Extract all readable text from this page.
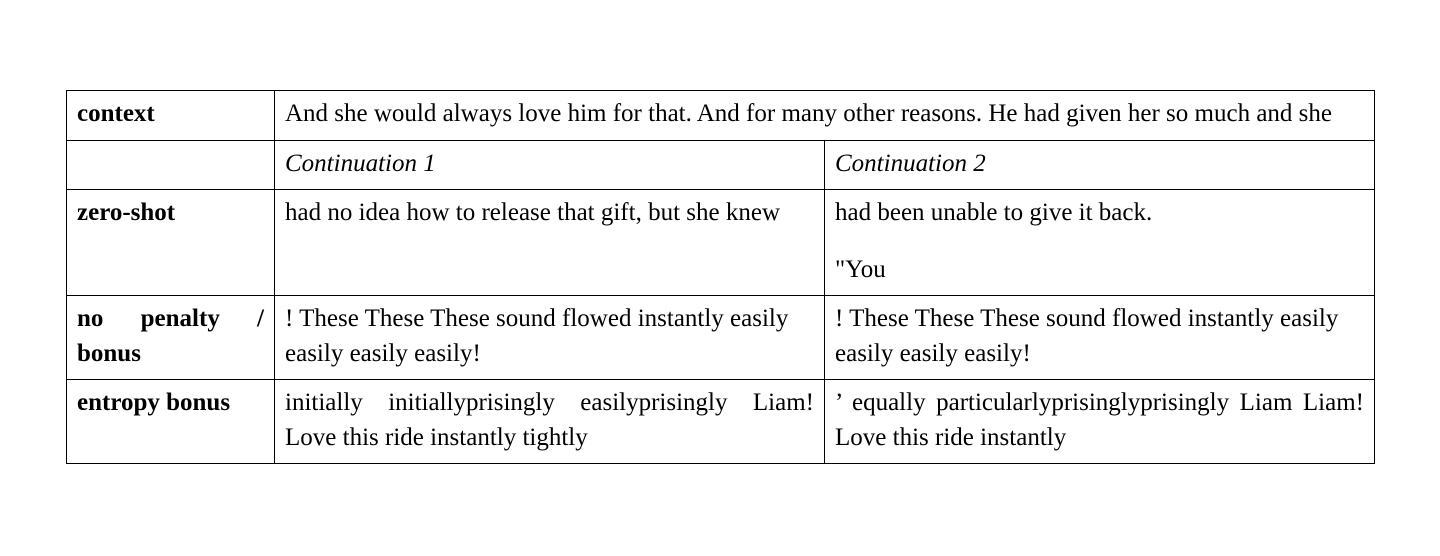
context	And she would always love him for that. And for many other reasons. He had given her so much and she	
	Continuation 1	Continuation 2
zero-shot	had no idea how to release that gift, but she knew	had been unable to give it back.
"You

no penalty / bonus	! These These These sound flowed instantly easily easily easily easily!	! These These These sound flowed instantly easily easily easily easily!
entropy bonus	initially initiallyprisingly easilyprisingly Liam! Love this ride instantly tightly	’ equally particularlyprisinglyprisingly Liam Liam! Love this ride instantly
